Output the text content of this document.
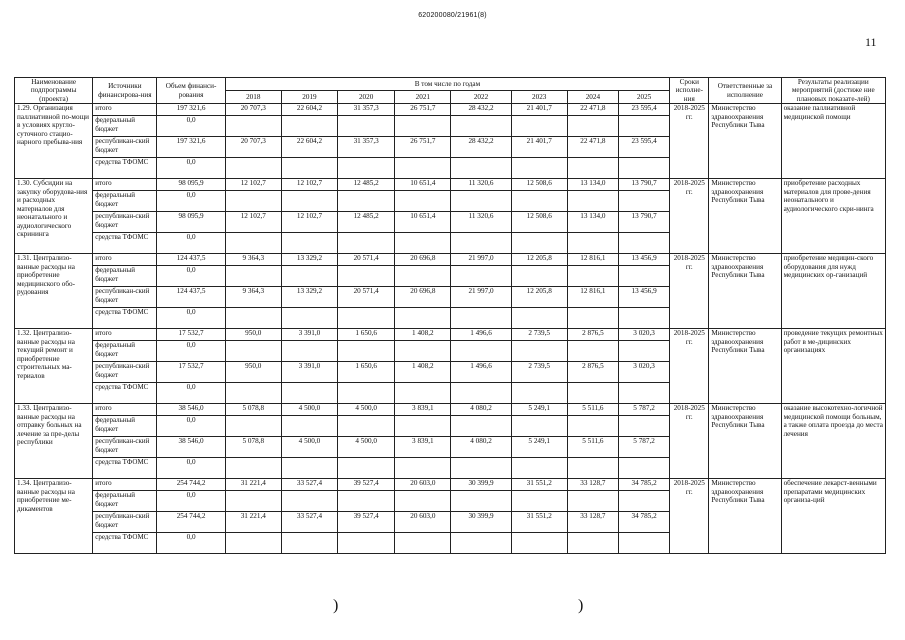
620200080/21961(8)
11
Наименование подпрограммы (проекта)	Источники финансирова-ния	Объем финанси-рования	В том числе по годам								Сроки исполне-ния	Ответственные за исполнение	Результаты реализации мероприятий (достиже ние плановых показате-лей)
			2018	2019	2020	2021	2022	2023	2024	2025			
1.29. Организация паллиативной по-мощи в условиях кругло-суточного стацио-нарного пребыва-ния	итого	197 321,6	20 707,3	22 604,2	31 357,3	26 751,7	28 432,2	21 401,7	22 471,8	23 595,4	2018-2025 гг.	Министерство здравоохранения Республики Тыва	оказание паллиативной медицинской помощи
	федеральный бюджет	0,0											
	республикан-ский бюджет	197 321,6	20 707,3	22 604,2	31 357,3	26 751,7	28 432,2	21 401,7	22 471,8	23 595,4			
	средства ТФОМС	0,0											
1.30. Субсидии на закупку оборудова-ния и расходных материалов для неонатального и аудиологического скрининга	итого	98 095,9	12 102,7	12 102,7	12 485,2	10 651,4	11 320,6	12 508,6	13 134,0	13 790,7	2018-2025 гг.	Министерство здравоохранения Республики Тыва	приобретение расходных материалов для прове-дения неонатального и аудиологического скри-нинга
	федеральный бюджет	0,0											
	республикан-ский бюджет	98 095,9	12 102,7	12 102,7	12 485,2	10 651,4	11 320,6	12 508,6	13 134,0	13 790,7			
	средства ТФОМС	0,0											
1.31. Централизо-ванные расходы на приобретение медицинского обо-рудования	итого	124 437,5	9 364,3	13 329,2	20 571,4	20 696,8	21 997,0	12 205,8	12 816,1	13 456,9	2018-2025 гг.	Министерство здравоохранения Республики Тыва	приобретение медицин-ского оборудования для нужд медицинских ор-ганизаций
	федеральный бюджет	0,0											
	республикан-ский бюджет	124 437,5	9 364,3	13 329,2	20 571,4	20 696,8	21 997,0	12 205,8	12 816,1	13 456,9			
	средства ТФОМС	0,0											
1.32. Централизо-ванные расходы на текущий ремонт и приобретение строительных ма-териалов	итого	17 532,7	950,0	3 391,0	1 650,6	1 408,2	1 496,6	2 739,5	2 876,5	3 020,3	2018-2025 гг.	Министерство здравоохранения Республики Тыва	проведение текущих ремонтных работ в ме-дицинских организациях
	федеральный бюджет	0,0											
	республикан-ский бюджет	17 532,7	950,0	3 391,0	1 650,6	1 408,2	1 496,6	2 739,5	2 876,5	3 020,3			
	средства ТФОМС	0,0											
1.33. Централизо-ванные расходы на отправку больных на лечение за пре-делы республики	итого	38 546,0	5 078,8	4 500,0	4 500,0	3 839,1	4 080,2	5 249,1	5 511,6	5 787,2	2018-2025 гг.	Министерство здравоохранения Республики Тыва	оказание высокотехно-логичной медицинской помощи больным, а также оплата проезда до места лечения
	федеральный бюджет	0,0											
	республикан-ский бюджет	38 546,0	5 078,8	4 500,0	4 500,0	3 839,1	4 080,2	5 249,1	5 511,6	5 787,2			
	средства ТФОМС	0,0											
1.34. Централизо-ванные расходы на приобретение ме-дикаментов	итого	254 744,2	31 221,4	33 527,4	39 527,4	20 603,0	30 399,9	31 551,2	33 128,7	34 785,2	2018-2025 гг.	Министерство здравоохранения Республики Тыва	обеспечение лекарст-венными препаратами медицинских организа-ций
	федеральный бюджет	0,0											
	республикан-ский бюджет	254 744,2	31 221,4	33 527,4	39 527,4	20 603,0	30 399,9	31 551,2	33 128,7	34 785,2			
	средства ТФОМС	0,0											
)	)
